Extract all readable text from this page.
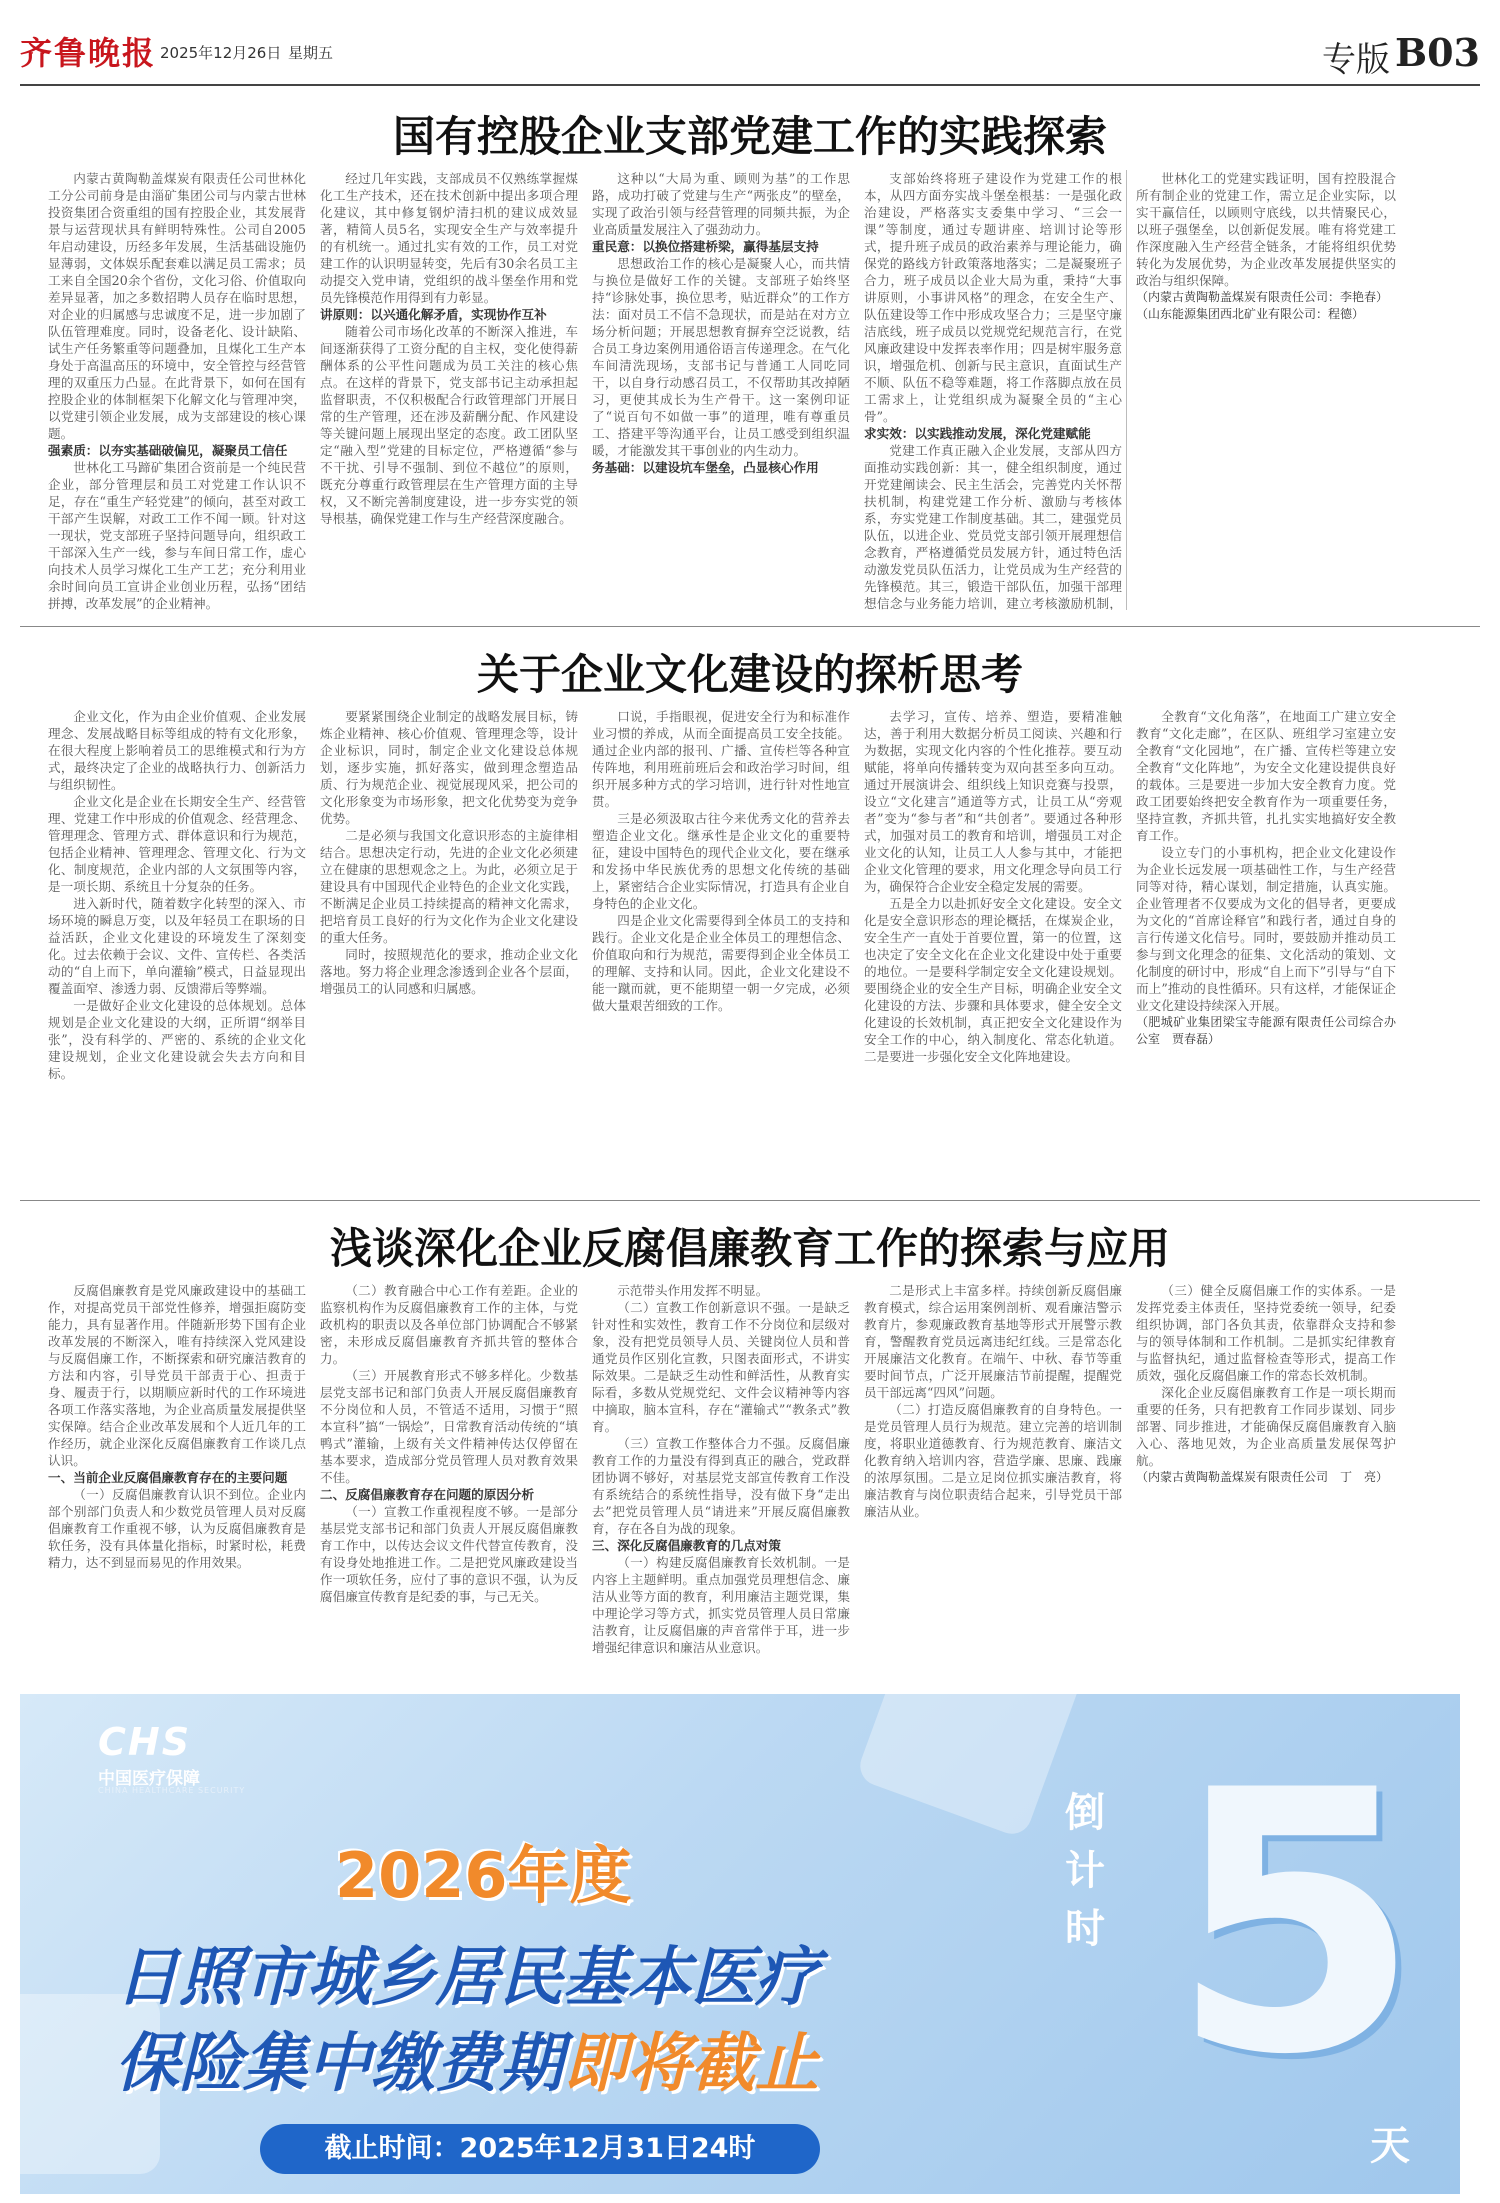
齐鲁晚报 2025年12月26日 星期五	专版 B03
国有控股企业支部党建工作的实践探索

内蒙古黄陶勒盖煤炭有限责任公司世林化工分公司前身是由淄矿集团公司与内蒙古世林投资集团合资重组的国有控股企业，其发展背景与运营现状具有鲜明特殊性。公司自2005年启动建设，历经多年发展，生活基础设施仍显薄弱，文体娱乐配套难以满足员工需求；员工来自全国20余个省份，文化习俗、价值取向差异显著，加之多数招聘人员存在临时思想，对企业的归属感与忠诚度不足，进一步加剧了队伍管理难度。同时，设备老化、设计缺陷、试生产任务繁重等问题叠加，且煤化工生产本身处于高温高压的环境中，安全管控与经营管理的双重压力凸显。在此背景下，如何在国有控股企业的体制框架下化解文化与管理冲突，以党建引领企业发展，成为支部建设的核心课题。

强素质：以夯实基础破偏见，凝聚员工信任

世林化工马蹄矿集团合资前是一个纯民营企业，部分管理层和员工对党建工作认识不足，存在“重生产轻党建”的倾向，甚至对政工干部产生误解，对政工工作不闻一顾。针对这一现状，党支部班子坚持问题导向，组织政工干部深入生产一线，参与车间日常工作，虚心向技术人员学习煤化工生产工艺；充分利用业余时间向员工宣讲企业创业历程，弘扬“团结拼搏，改革发展”的企业精神。

经过几年实践，支部成员不仅熟练掌握煤化工生产技术，还在技术创新中提出多项合理化建议，其中修复钢炉清扫机的建议成效显著，精简人员5名，实现安全生产与效率提升的有机统一。通过扎实有效的工作，员工对党建工作的认识明显转变，先后有30余名员工主动提交入党申请，党组织的战斗堡垒作用和党员先锋模范作用得到有力彰显。

讲原则：以兴通化解矛盾，实现协作互补

随着公司市场化改革的不断深入推进，车间逐渐获得了工资分配的自主权，变化使得薪酬体系的公平性问题成为员工关注的核心焦点。在这样的背景下，党支部书记主动承担起监督职责，不仅积极配合行政管理部门开展日常的生产管理，还在涉及薪酬分配、作风建设等关键问题上展现出坚定的态度。政工团队坚定“融入型”党建的目标定位，严格遵循“参与不干扰、引导不强制、到位不越位”的原则，既充分尊重行政管理层在生产管理方面的主导权，又不断完善制度建设，进一步夯实党的领导根基，确保党建工作与生产经营深度融合。

这种以“大局为重、顾则为基”的工作思路，成功打破了党建与生产“两张皮”的壁垒，实现了政治引领与经营管理的同频共振，为企业高质量发展注入了强劲动力。

重民意：以换位搭建桥梁，赢得基层支持

思想政治工作的核心是凝聚人心，而共情与换位是做好工作的关键。支部班子始终坚持“诊脉处事，换位思考，贴近群众”的工作方法：面对员工不信不急现状，而是站在对方立场分析问题；开展思想教育摒弃空泛说教，结合员工身边案例用通俗语言传递理念。在气化车间清洗现场，支部书记与普通工人同吃同干，以自身行动感召员工，不仅帮助其改掉陋习，更使其成长为生产骨干。这一案例印证了“说百句不如做一事”的道理，唯有尊重员工、搭建平等沟通平台，让员工感受到组织温暖，才能激发其干事创业的内生动力。

务基础：以建设坑车堡垒，凸显核心作用

支部始终将班子建设作为党建工作的根本，从四方面夯实战斗堡垒根基：一是强化政治建设，严格落实支委集中学习、“三会一课”等制度，通过专题讲座、培训讨论等形式，提升班子成员的政治素养与理论能力，确保党的路线方针政策落地落实；二是凝聚班子合力，班子成员以企业大局为重，秉持“大事讲原则，小事讲风格”的理念，在安全生产、队伍建设等工作中形成攻坚合力；三是坚守廉洁底线，班子成员以党规党纪规范言行，在党风廉政建设中发挥表率作用；四是树牢服务意识，增强危机、创新与民主意识，直面试生产不顺、队伍不稳等难题，将工作落脚点放在员工需求上，让党组织成为凝聚全员的“主心骨”。

求实效：以实践推动发展，深化党建赋能

党建工作真正融入企业发展，支部从四方面推动实践创新：其一，健全组织制度，通过开党建阐读会、民主生活会，完善党内关怀帮扶机制，构建党建工作分析、激励与考核体系，夯实党建工作制度基础。其二，建强党员队伍，以进企业、党员党支部引领开展理想信念教育，严格遵循党员发展方针，通过特色活动激发党员队伍活力，让党员成为生产经营的先锋模范。其三，锻造干部队伍，加强干部理想信念与业务能力培训，建立考核激励机制，

世林化工的党建实践证明，国有控股混合所有制企业的党建工作，需立足企业实际，以实干赢信任，以顾则守底线，以共情聚民心，以班子强堡垒，以创新促发展。唯有将党建工作深度融入生产经营全链条，才能将组织优势转化为发展优势，为企业改革发展提供坚实的政治与组织保障。

（内蒙古黄陶勒盖煤炭有限责任公司：李艳春）

（山东能源集团西北矿业有限公司：程德）

关于企业文化建设的探析思考

企业文化，作为由企业价值观、企业发展理念、发展战略目标等组成的特有文化形象，在很大程度上影响着员工的思维模式和行为方式，最终决定了企业的战略执行力、创新活力与组织韧性。

企业文化是企业在长期安全生产、经营管理、党建工作中形成的价值观念、经营理念、管理理念、管理方式、群体意识和行为规范，包括企业精神、管理理念、管理文化、行为文化、制度规范，企业内部的人文氛围等内容，是一项长期、系统且十分复杂的任务。

进入新时代，随着数字化转型的深入、市场环境的瞬息万变，以及年轻员工在职场的日益活跃，企业文化建设的环境发生了深刻变化。过去依赖于会议、文件、宣传栏、各类活动的“自上而下，单向灌输”模式，日益显现出覆盖面窄、渗透力弱、反馈滞后等弊端。

一是做好企业文化建设的总体规划。总体规划是企业文化建设的大纲，正所谓“纲举目张”，没有科学的、严密的、系统的企业文化建设规划，企业文化建设就会失去方向和目标。

要紧紧围绕企业制定的战略发展目标，铸炼企业精神、核心价值观、管理理念等，设计企业标识，同时，制定企业文化建设总体规划，逐步实施，抓好落实，做到理念塑造品质、行为规范企业、视觉展现风采，把公司的文化形象变为市场形象，把文化优势变为竞争优势。

二是必须与我国文化意识形态的主旋律相结合。思想决定行动，先进的企业文化必须建立在健康的思想观念之上。为此，必须立足于建设具有中国现代企业特色的企业文化实践，不断满足企业员工持续提高的精神文化需求，把培育员工良好的行为文化作为企业文化建设的重大任务。

同时，按照规范化的要求，推动企业文化落地。努力将企业理念渗透到企业各个层面，增强员工的认同感和归属感。

口说，手指眼视，促进安全行为和标准作业习惯的养成，从而全面提高员工安全技能。通过企业内部的报刊、广播、宣传栏等各种宣传阵地，利用班前班后会和政治学习时间，组织开展多种方式的学习培训，进行针对性地宣贯。

三是必须汲取古往今来优秀文化的营养去塑造企业文化。继承性是企业文化的重要特征，建设中国特色的现代企业文化，要在继承和发扬中华民族优秀的思想文化传统的基础上，紧密结合企业实际情况，打造具有企业自身特色的企业文化。

四是企业文化需要得到全体员工的支持和践行。企业文化是企业全体员工的理想信念、价值取向和行为规范，需要得到企业全体员工的理解、支持和认同。因此，企业文化建设不能一蹴而就，更不能期望一朝一夕完成，必须做大量艰苦细致的工作。

去学习，宣传、培养、塑造，要精准触达，善于利用大数据分析员工阅读、兴趣和行为数据，实现文化内容的个性化推荐。要互动赋能，将单向传播转变为双向甚至多向互动。通过开展演讲会、组织线上知识竞赛与投票，设立“文化建言”通道等方式，让员工从“旁观者”变为“参与者”和“共创者”。要通过各种形式，加强对员工的教育和培训，增强员工对企业文化的认知，让员工人人参与其中，才能把企业文化管理的要求，用文化理念导向员工行为，确保符合企业安全稳定发展的需要。

五是全力以赴抓好安全文化建设。安全文化是安全意识形态的理论概括，在煤炭企业，安全生产一直处于首要位置，第一的位置，这也决定了安全文化在企业文化建设中处于重要的地位。一是要科学制定安全文化建设规划。要围绕企业的安全生产目标，明确企业安全文化建设的方法、步骤和具体要求，健全安全文化建设的长效机制，真正把安全文化建设作为安全工作的中心，纳入制度化、常态化轨道。二是要进一步强化安全文化阵地建设。

全教育“文化角落”，在地面工广建立安全教育“文化走廊”，在区队、班组学习室建立安全教育“文化园地”，在广播、宣传栏等建立安全教育“文化阵地”，为安全文化建设提供良好的载体。三是要进一步加大安全教育力度。党政工团要始终把安全教育作为一项重要任务，坚持宣教，齐抓共管，扎扎实实地搞好安全教育工作。

设立专门的小事机构，把企业文化建设作为企业长远发展一项基础性工作，与生产经营同等对待，精心谋划，制定措施，认真实施。企业管理者不仅要成为文化的倡导者，更要成为文化的“首席诠释官”和践行者，通过自身的言行传递文化信号。同时，要鼓励并推动员工参与到文化理念的征集、文化活动的策划、文化制度的研讨中，形成“自上而下”引导与“自下而上”推动的良性循环。只有这样，才能保证企业文化建设持续深入开展。

（肥城矿业集团梁宝寺能源有限责任公司综合办公室　贾春磊）

浅谈深化企业反腐倡廉教育工作的探索与应用

反腐倡廉教育是党风廉政建设中的基础工作，对提高党员干部党性修养，增强拒腐防变能力，具有显著作用。伴随新形势下国有企业改革发展的不断深入，唯有持续深入党风建设与反腐倡廉工作，不断探索和研究廉洁教育的方法和内容，引导党员干部责于心、担责于身、履责于行，以期顺应新时代的工作环境进各项工作落实落地，为企业高质量发展提供坚实保障。结合企业改革发展和个人近几年的工作经历，就企业深化反腐倡廉教育工作谈几点认识。

一、当前企业反腐倡廉教育存在的主要问题

（一）反腐倡廉教育认识不到位。企业内部个别部门负责人和少数党员管理人员对反腐倡廉教育工作重视不够，认为反腐倡廉教育是软任务，没有具体量化指标，时紧时松，耗费精力，达不到显而易见的作用效果。

（二）教育融合中心工作有差距。企业的监察机构作为反腐倡廉教育工作的主体，与党政机构的职责以及各单位部门协调配合不够紧密，未形成反腐倡廉教育齐抓共管的整体合力。

（三）开展教育形式不够多样化。少数基层党支部书记和部门负责人开展反腐倡廉教育不分岗位和人员，不管适不适用，习惯于“照本宣科”搞“一锅烩”，日常教育活动传统的“填鸭式”灌输，上级有关文件精神传达仅停留在基本要求，造成部分党员管理人员对教育效果不佳。

二、反腐倡廉教育存在问题的原因分析

（一）宣教工作重视程度不够。一是部分基层党支部书记和部门负责人开展反腐倡廉教育工作中，以传达会议文件代替宣传教育，没有设身处地推进工作。二是把党风廉政建设当作一项软任务，应付了事的意识不强，认为反腐倡廉宣传教育是纪委的事，与己无关。

示范带头作用发挥不明显。

（二）宣教工作创新意识不强。一是缺乏针对性和实效性，教育工作不分岗位和层级对象，没有把党员领导人员、关键岗位人员和普通党员作区别化宣教，只图表面形式，不讲实际效果。二是缺乏生动性和鲜活性，从教育实际看，多数从党规党纪、文件会议精神等内容中摘取，脑本宣科，存在“灌输式”“教条式”教育。

（三）宣教工作整体合力不强。反腐倡廉教育工作的力量没有得到真正的融合，党政群团协调不够好，对基层党支部宣传教育工作没有系统结合的系统性指导，没有做下身“走出去”把党员管理人员“请进来”开展反腐倡廉教育，存在各自为战的现象。

三、深化反腐倡廉教育的几点对策

（一）构建反腐倡廉教育长效机制。一是内容上主题鲜明。重点加强党员理想信念、廉洁从业等方面的教育，利用廉洁主题党课，集中理论学习等方式，抓实党员管理人员日常廉洁教育，让反腐倡廉的声音常伴于耳，进一步增强纪律意识和廉洁从业意识。

二是形式上丰富多样。持续创新反腐倡廉教育模式，综合运用案例剖析、观看廉洁警示教育片，参观廉政教育基地等形式开展警示教育，警醒教育党员远离违纪红线。三是常态化开展廉洁文化教育。在端午、中秋、春节等重要时间节点，广泛开展廉洁节前提醒，提醒党员干部远离“四风”问题。

（二）打造反腐倡廉教育的自身特色。一是党员管理人员行为规范。建立完善的培训制度，将职业道德教育、行为规范教育、廉洁文化教育纳入培训内容，营造学廉、思廉、践廉的浓厚氛围。二是立足岗位抓实廉洁教育，将廉洁教育与岗位职责结合起来，引导党员干部廉洁从业。

（三）健全反腐倡廉工作的实体系。一是发挥党委主体责任，坚持党委统一领导，纪委组织协调，部门各负其责，依靠群众支持和参与的领导体制和工作机制。二是抓实纪律教育与监督执纪，通过监督检查等形式，提高工作质效，强化反腐倡廉工作的常态长效机制。

深化企业反腐倡廉教育工作是一项长期而重要的任务，只有把教育工作同步谋划、同步部署、同步推进，才能确保反腐倡廉教育入脑入心、落地见效，为企业高质量发展保驾护航。

（内蒙古黄陶勒盖煤炭有限责任公司　丁　亮）

CHS
中国医疗保障
CHINA HEALTHCARE SECURITY
2026年度
日照市城乡居民基本医疗
保险集中缴费期即将截止
截止时间：2025年12月31日24时
倒计时 5
天
